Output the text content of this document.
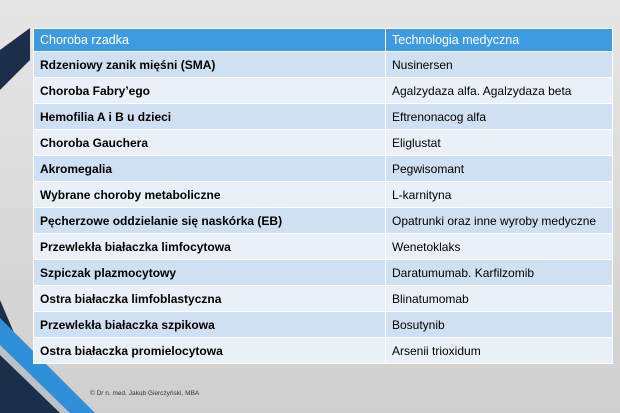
Choroba rzadka	Technologia medyczna
Rdzeniowy zanik mięśni (SMA)	Nusinersen
Choroba Fabry’ego	Agalzydaza alfa. Agalzydaza beta
Hemofilia A i B u dzieci	Eftrenonacog alfa
Choroba Gauchera	Eliglustat
Akromegalia	Pegwisomant
Wybrane choroby metaboliczne	L-karnityna
Pęcherzowe oddzielanie się naskórka (EB)	Opatrunki oraz inne wyroby medyczne
Przewlekła białaczka limfocytowa	Wenetoklaks
Szpiczak plazmocytowy	Daratumumab. Karfilzomib
Ostra białaczka limfoblastyczna	Blinatumomab
Przewlekła białaczka szpikowa	Bosutynib
Ostra białaczka promielocytowa	Arsenii trioxidum
© Dr n. med. Jakub Gierczyński, MBA
